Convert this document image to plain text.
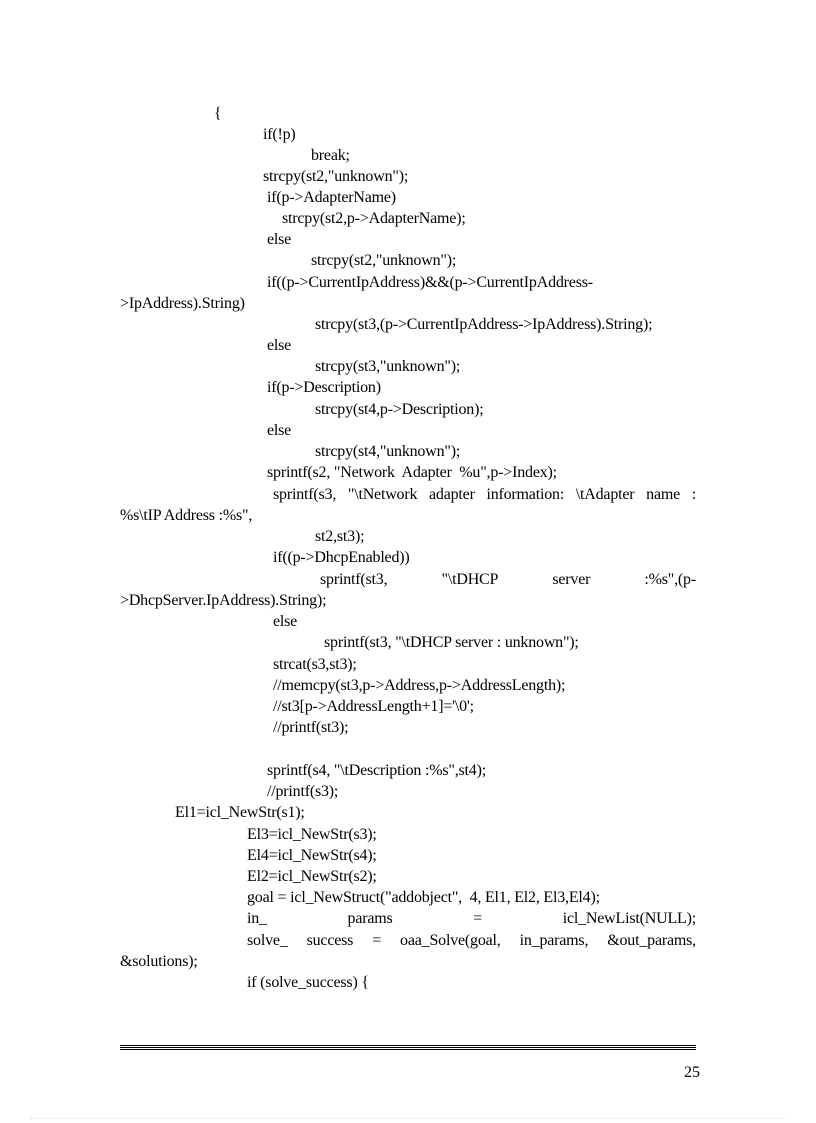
{
if(!p)
break;
strcpy(st2,"unknown");
if(p->AdapterName)
strcpy(st2,p->AdapterName);
else
strcpy(st2,"unknown");
if((p->CurrentIpAddress)&&(p->CurrentIpAddress-
>IpAddress).String)
strcpy(st3,(p->CurrentIpAddress->IpAddress).String);
else
strcpy(st3,"unknown");
if(p->Description)
strcpy(st4,p->Description);
else
strcpy(st4,"unknown");
sprintf(s2, "Network  Adapter  %u",p->Index);
sprintf(s3, "\tNetwork adapter information: \tAdapter name :
%s\tIP Address :%s",
st2,st3);
if((p->DhcpEnabled))
sprintf(st3,	"\tDHCP	server	:%s",(p-
>DhcpServer.IpAddress).String);
else
sprintf(st3, "\tDHCP server : unknown");
strcat(s3,st3);
//memcpy(st3,p->Address,p->AddressLength);
//st3[p->AddressLength+1]='\0';
//printf(st3);
sprintf(s4, "\tDescription :%s",st4);
//printf(s3);
El1=icl_NewStr(s1);
El3=icl_NewStr(s3);
El4=icl_NewStr(s4);
El2=icl_NewStr(s2);
goal = icl_NewStruct("addobject",  4, El1, El2, El3,El4);
in_	params	=	icl_NewList(NULL);
solve_ success = oaa_Solve(goal, in_params, &out_params,
&solutions);
if (solve_success) {
25
